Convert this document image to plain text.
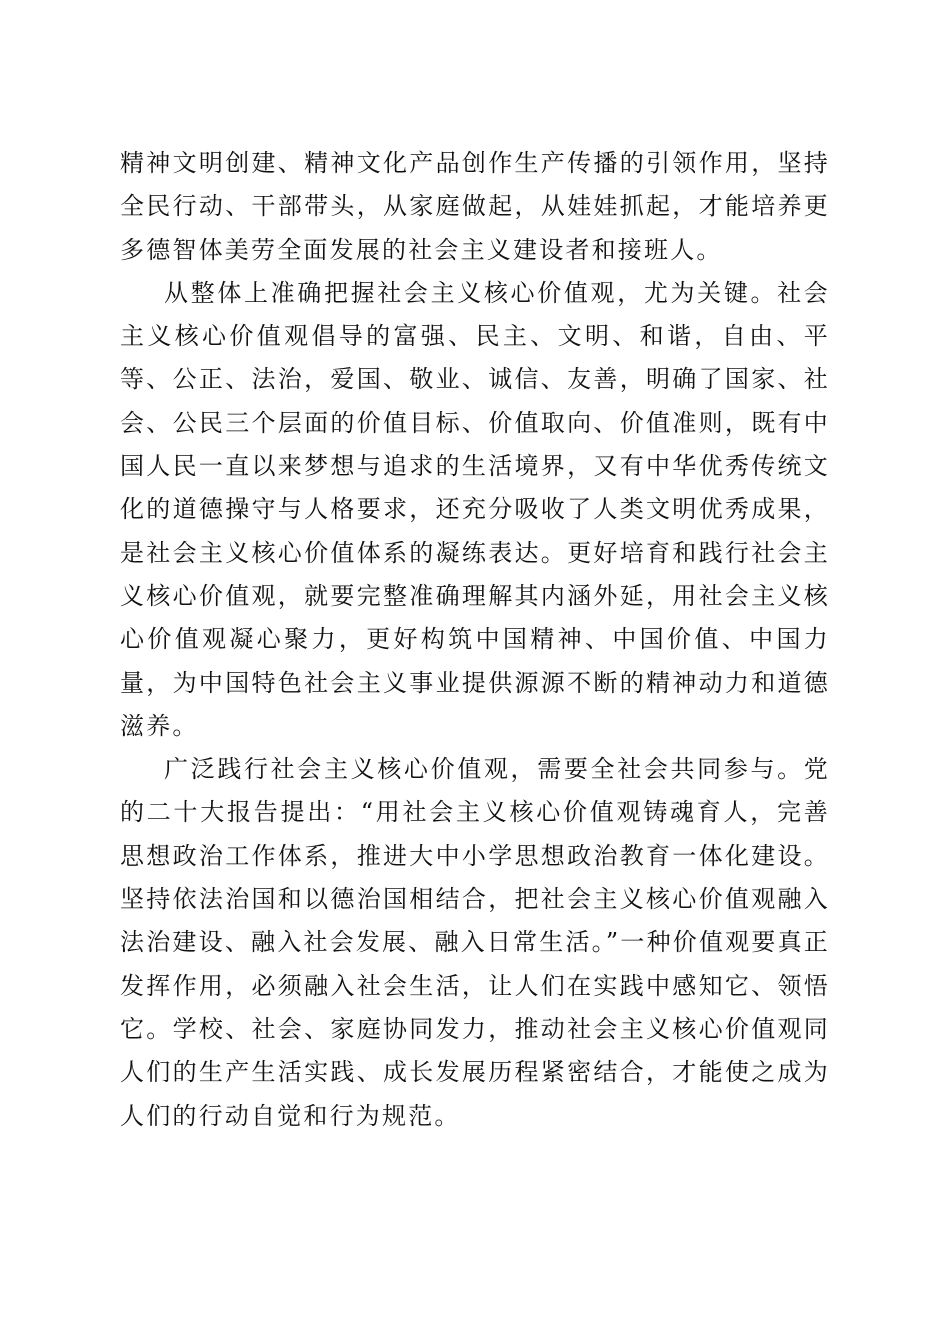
精神文明创建、精神文化产品创作生产传播的引领作用，坚持全民行动、干部带头，从家庭做起，从娃娃抓起，才能培养更多德智体美劳全面发展的社会主义建设者和接班人。

从整体上准确把握社会主义核心价值观，尤为关键。社会主义核心价值观倡导的富强、民主、文明、和谐，自由、平等、公正、法治，爱国、敬业、诚信、友善，明确了国家、社会、公民三个层面的价值目标、价值取向、价值准则，既有中国人民一直以来梦想与追求的生活境界，又有中华优秀传统文化的道德操守与人格要求，还充分吸收了人类文明优秀成果，是社会主义核心价值体系的凝练表达。更好培育和践行社会主义核心价值观，就要完整准确理解其内涵外延，用社会主义核心价值观凝心聚力，更好构筑中国精神、中国价值、中国力量，为中国特色社会主义事业提供源源不断的精神动力和道德滋养。

广泛践行社会主义核心价值观，需要全社会共同参与。党的二十大报告提出：“用社会主义核心价值观铸魂育人，完善思想政治工作体系，推进大中小学思想政治教育一体化建设。坚持依法治国和以德治国相结合，把社会主义核心价值观融入法治建设、融入社会发展、融入日常生活。”一种价值观要真正发挥作用，必须融入社会生活，让人们在实践中感知它、领悟它。学校、社会、家庭协同发力，推动社会主义核心价值观同人们的生产生活实践、成长发展历程紧密结合，才能使之成为人们的行动自觉和行为规范。
